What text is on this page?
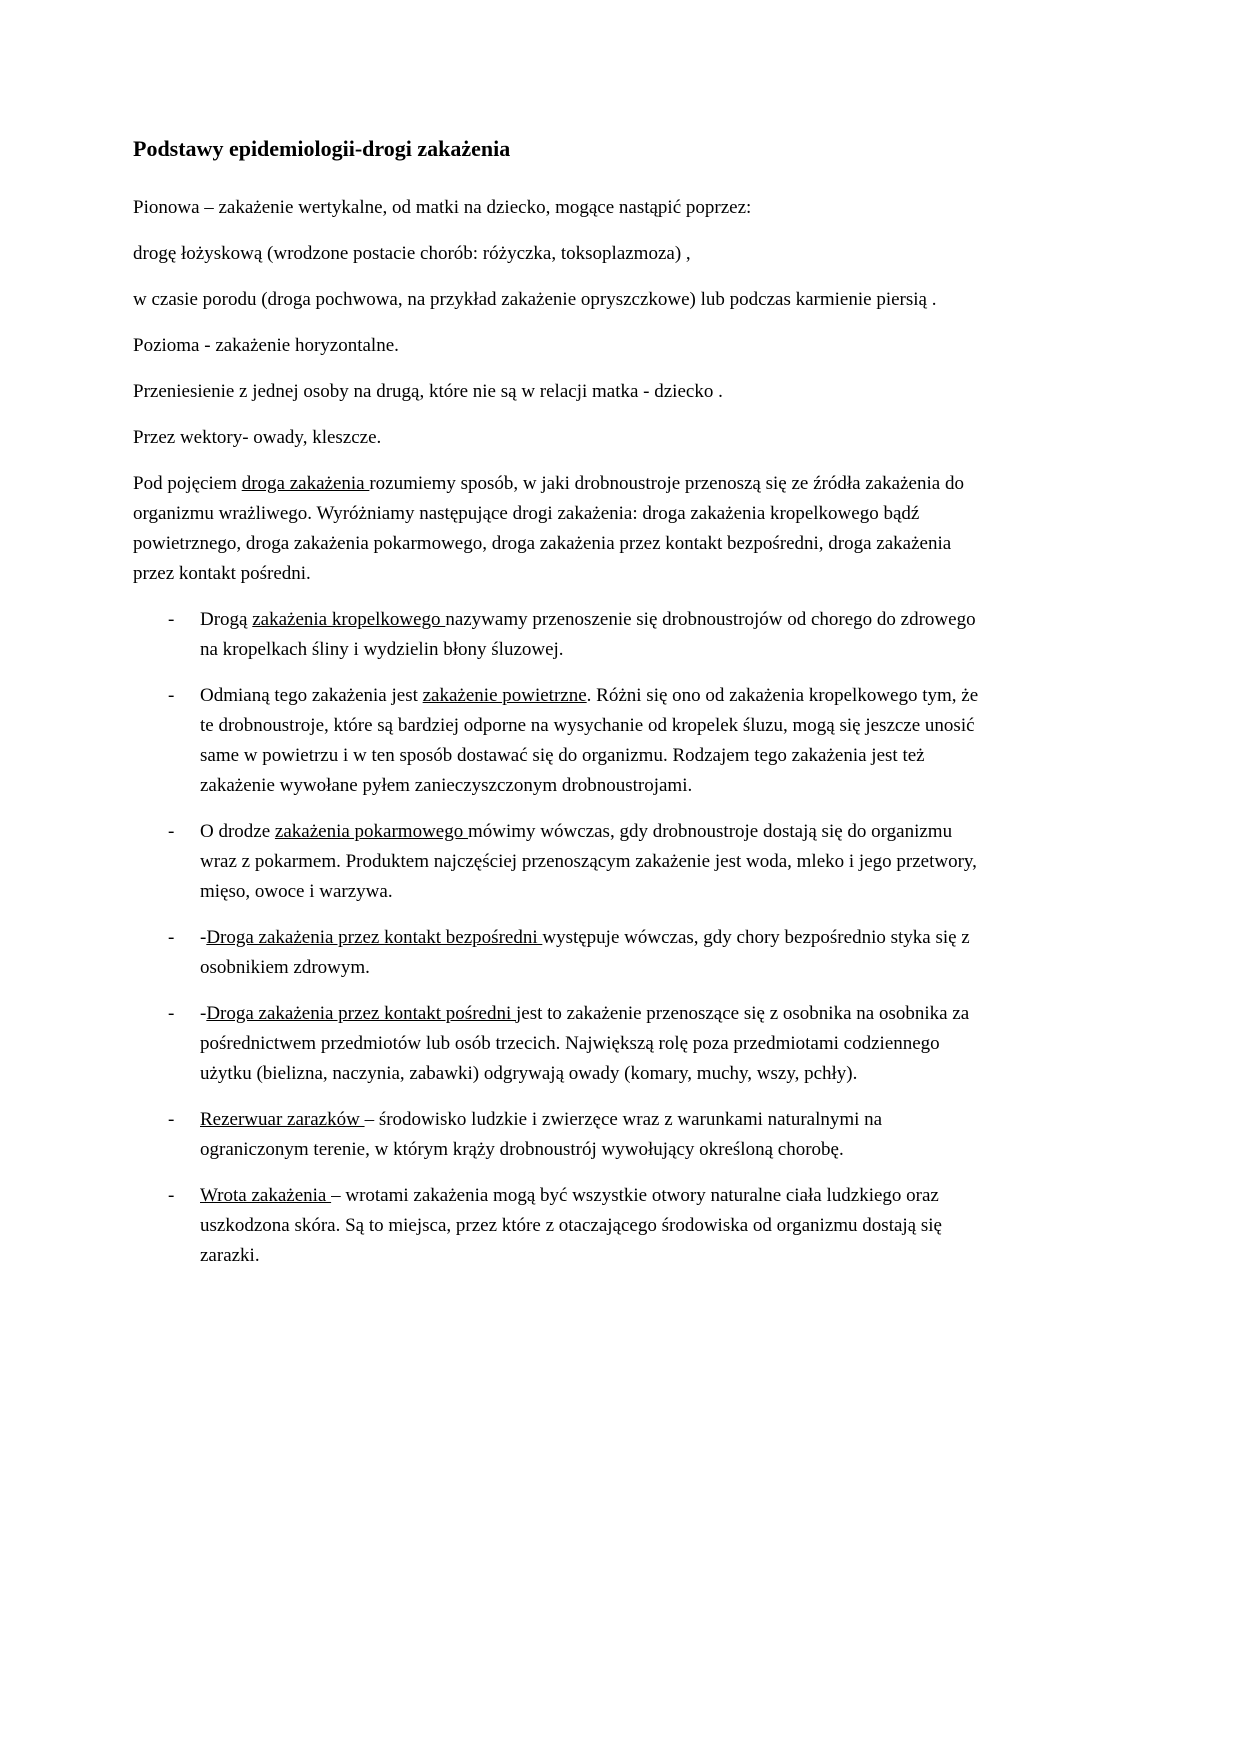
Podstawy epidemiologii-drogi zakażenia

Pionowa – zakażenie wertykalne, od matki na dziecko, mogące nastąpić poprzez:

drogę łożyskową (wrodzone postacie chorób: różyczka, toksoplazmoza) ,

w czasie porodu (droga pochwowa, na przykład zakażenie opryszczkowe) lub podczas karmienie piersią .

Pozioma - zakażenie horyzontalne.

Przeniesienie z jednej osoby na drugą, które nie są w relacji matka - dziecko .

Przez wektory- owady, kleszcze.

Pod pojęciem droga zakażenia rozumiemy sposób, w jaki drobnoustroje przenoszą się ze źródła zakażenia do organizmu wrażliwego. Wyróżniamy następujące drogi zakażenia: droga zakażenia kropelkowego bądź powietrznego, droga zakażenia pokarmowego, droga zakażenia przez kontakt bezpośredni, droga zakażenia przez kontakt pośredni.

-	Drogą zakażenia kropelkowego nazywamy przenoszenie się drobnoustrojów od chorego do zdrowego na kropelkach śliny i wydzielin błony śluzowej.
-	Odmianą tego zakażenia jest zakażenie powietrzne. Różni się ono od zakażenia kropelkowego tym, że te drobnoustroje, które są bardziej odporne na wysychanie od kropelek śluzu, mogą się jeszcze unosić same w powietrzu i w ten sposób dostawać się do organizmu. Rodzajem tego zakażenia jest też zakażenie wywołane pyłem zanieczyszczonym drobnoustrojami.
-	O drodze zakażenia pokarmowego mówimy wówczas, gdy drobnoustroje dostają się do organizmu wraz z pokarmem. Produktem najczęściej przenoszącym zakażenie jest woda, mleko i jego przetwory, mięso, owoce i warzywa.
-	-Droga zakażenia przez kontakt bezpośredni występuje wówczas, gdy chory bezpośrednio styka się z osobnikiem zdrowym.
-	-Droga zakażenia przez kontakt pośredni jest to zakażenie przenoszące się z osobnika na osobnika za pośrednictwem przedmiotów lub osób trzecich. Największą rolę poza przedmiotami codziennego użytku (bielizna, naczynia, zabawki) odgrywają owady (komary, muchy, wszy, pchły).
-	Rezerwuar zarazków – środowisko ludzkie i zwierzęce wraz z warunkami naturalnymi na ograniczonym terenie, w którym krąży drobnoustrój wywołujący określoną chorobę.
-	Wrota zakażenia – wrotami zakażenia mogą być wszystkie otwory naturalne ciała ludzkiego oraz uszkodzona skóra. Są to miejsca, przez które z otaczającego środowiska od organizmu dostają się zarazki.
